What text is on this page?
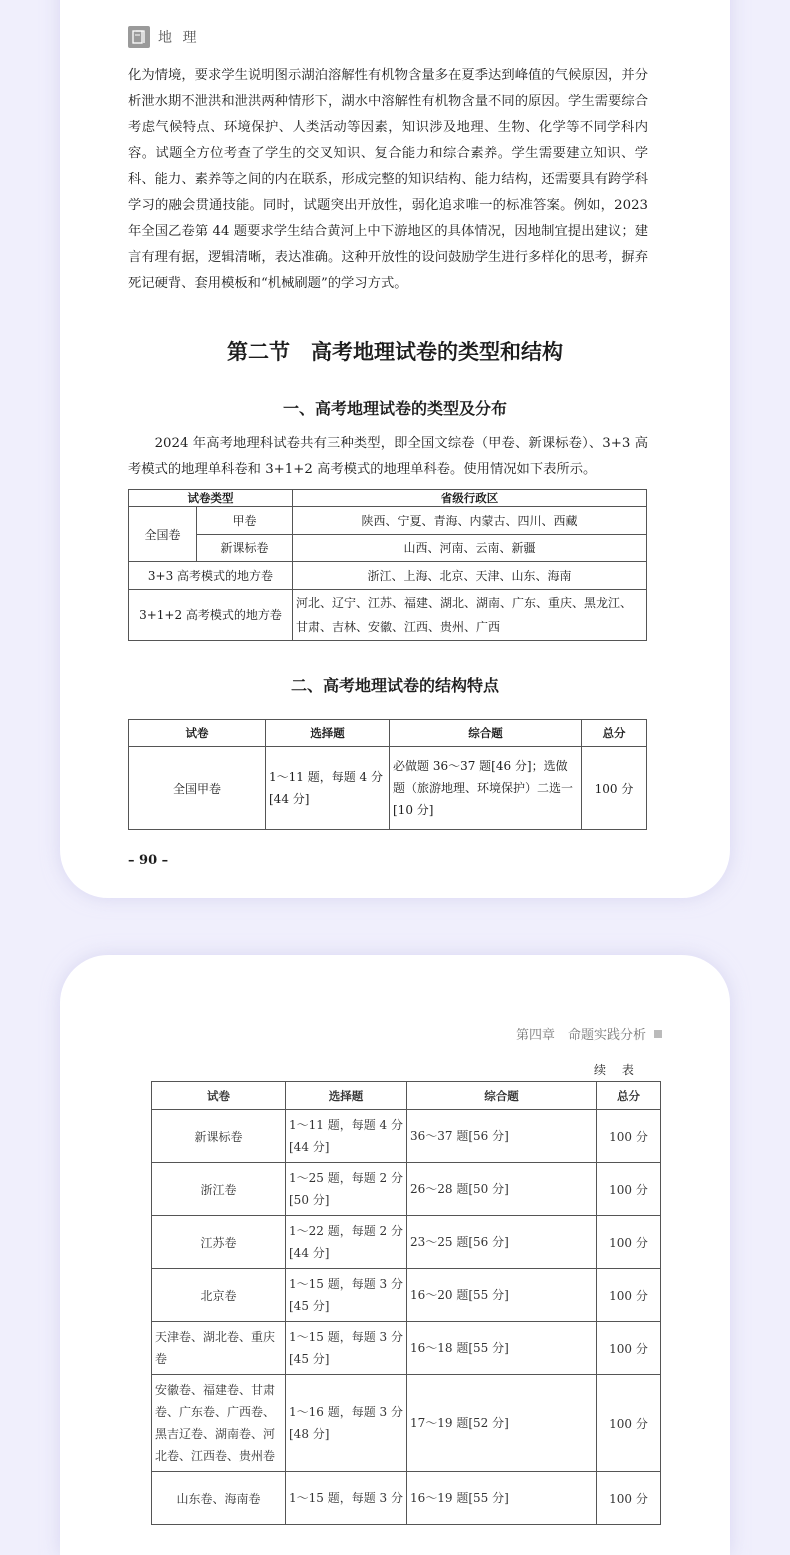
地 理

化为情境，要求学生说明图示湖泊溶解性有机物含量多在夏季达到峰值的气候原因，并分析泄水期不泄洪和泄洪两种情形下，湖水中溶解性有机物含量不同的原因。学生需要综合考虑气候特点、环境保护、人类活动等因素，知识涉及地理、生物、化学等不同学科内容。试题全方位考查了学生的交叉知识、复合能力和综合素养。学生需要建立知识、学科、能力、素养等之间的内在联系，形成完整的知识结构、能力结构，还需要具有跨学科学习的融会贯通技能。同时，试题突出开放性，弱化追求唯一的标准答案。例如，2023 年全国乙卷第 44 题要求学生结合黄河上中下游地区的具体情况，因地制宜提出建议；建言有理有据，逻辑清晰，表达准确。这种开放性的设问鼓励学生进行多样化的思考，摒弃死记硬背、套用模板和“机械刷题”的学习方式。

第二节　高考地理试卷的类型和结构
一、高考地理试卷的类型及分布

2024 年高考地理科试卷共有三种类型，即全国文综卷（甲卷、新课标卷）、3+3 高考模式的地理单科卷和 3+1+2 高考模式的地理单科卷。使用情况如下表所示。

试卷类型		省级行政区
全国卷	甲卷	陕西、宁夏、青海、内蒙古、四川、西藏
	新课标卷	山西、河南、云南、新疆
3+3 高考模式的地方卷		浙江、上海、北京、天津、山东、海南
3+1+2 高考模式的地方卷		河北、辽宁、江苏、福建、湖北、湖南、广东、重庆、黑龙江、甘肃、吉林、安徽、江西、贵州、广西
二、高考地理试卷的结构特点
试卷	选择题	综合题	总分
全国甲卷	1～11 题，每题 4 分[44 分]	必做题 36～37 题[46 分]；选做题（旅游地理、环境保护）二选一[10 分]	100 分
– 90 –
第四章　命题实践分析
续 表
试卷	选择题	综合题	总分
新课标卷	1～11 题，每题 4 分[44 分]	36～37 题[56 分]	100 分
浙江卷	1～25 题，每题 2 分[50 分]	26～28 题[50 分]	100 分
江苏卷	1～22 题，每题 2 分[44 分]	23～25 题[56 分]	100 分
北京卷	1～15 题，每题 3 分[45 分]	16～20 题[55 分]	100 分
天津卷、湖北卷、重庆卷	1～15 题，每题 3 分[45 分]	16～18 题[55 分]	100 分
安徽卷、福建卷、甘肃卷、广东卷、广西卷、黑吉辽卷、湖南卷、河北卷、江西卷、贵州卷	1～16 题，每题 3 分[48 分]	17～19 题[52 分]	100 分
山东卷、海南卷	1～15 题，每题 3 分	16～19 题[55 分]	100 分
